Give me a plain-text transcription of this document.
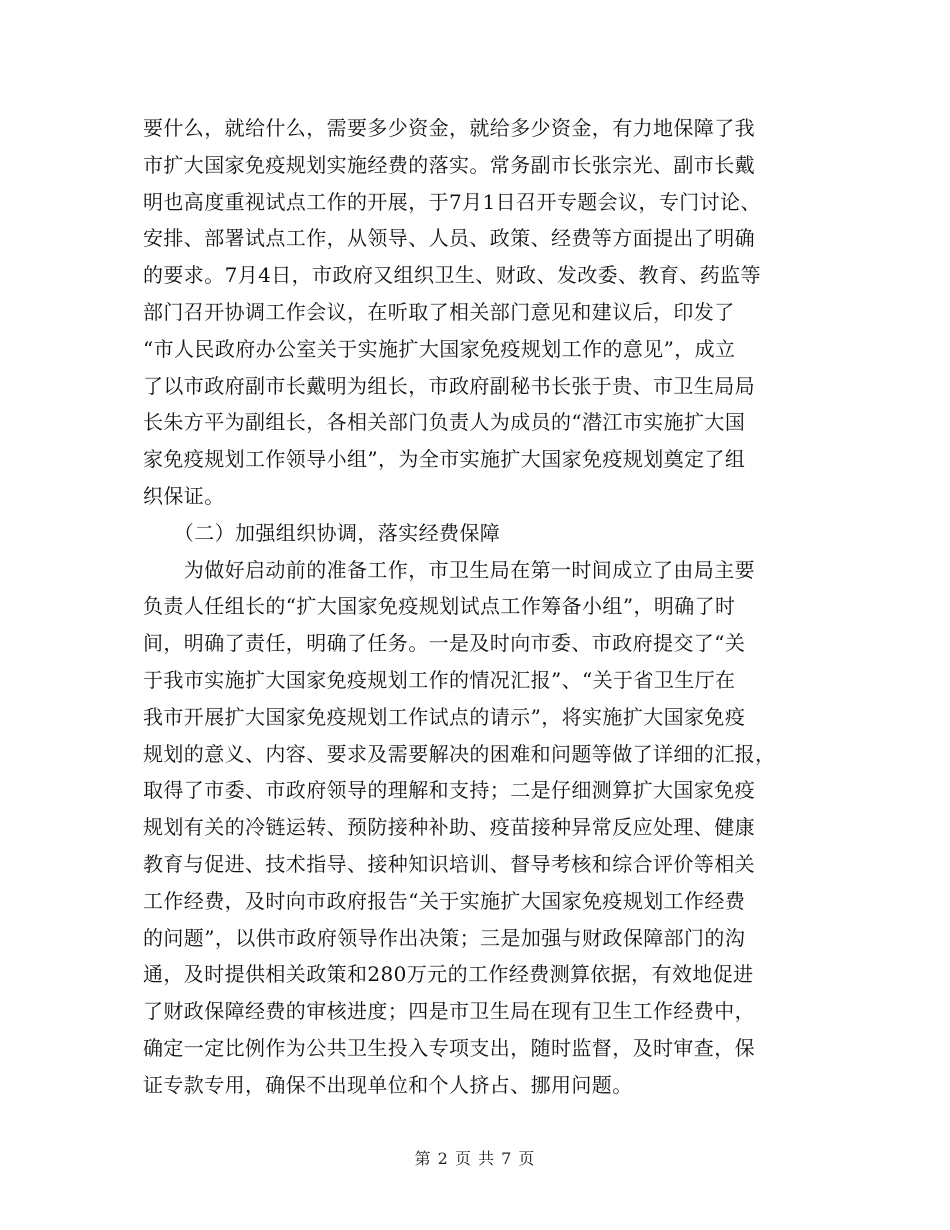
要什么，就给什么，需要多少资金，就给多少资金，有力地保障了我
市扩大国家免疫规划实施经费的落实。常务副市长张宗光、副市长戴
明也高度重视试点工作的开展，于7月1日召开专题会议，专门讨论、
安排、部署试点工作，从领导、人员、政策、经费等方面提出了明确
的要求。7月4日，市政府又组织卫生、财政、发改委、教育、药监等
部门召开协调工作会议，在听取了相关部门意见和建议后，印发了
“市人民政府办公室关于实施扩大国家免疫规划工作的意见”，成立
了以市政府副市长戴明为组长，市政府副秘书长张于贵、市卫生局局
长朱方平为副组长，各相关部门负责人为成员的“潜江市实施扩大国
家免疫规划工作领导小组”，为全市实施扩大国家免疫规划奠定了组
织保证。
　　（二）加强组织协调，落实经费保障
　　为做好启动前的准备工作，市卫生局在第一时间成立了由局主要
负责人任组长的“扩大国家免疫规划试点工作筹备小组”，明确了时
间，明确了责任，明确了任务。一是及时向市委、市政府提交了“关
于我市实施扩大国家免疫规划工作的情况汇报”、“关于省卫生厅在
我市开展扩大国家免疫规划工作试点的请示”，将实施扩大国家免疫
规划的意义、内容、要求及需要解决的困难和问题等做了详细的汇报，
取得了市委、市政府领导的理解和支持；二是仔细测算扩大国家免疫
规划有关的冷链运转、预防接种补助、疫苗接种异常反应处理、健康
教育与促进、技术指导、接种知识培训、督导考核和综合评价等相关
工作经费，及时向市政府报告“关于实施扩大国家免疫规划工作经费
的问题”，以供市政府领导作出决策；三是加强与财政保障部门的沟
通，及时提供相关政策和280万元的工作经费测算依据，有效地促进
了财政保障经费的审核进度；四是市卫生局在现有卫生工作经费中，
确定一定比例作为公共卫生投入专项支出，随时监督，及时审查，保
证专款专用，确保不出现单位和个人挤占、挪用问题。
第 2 页 共 7 页
